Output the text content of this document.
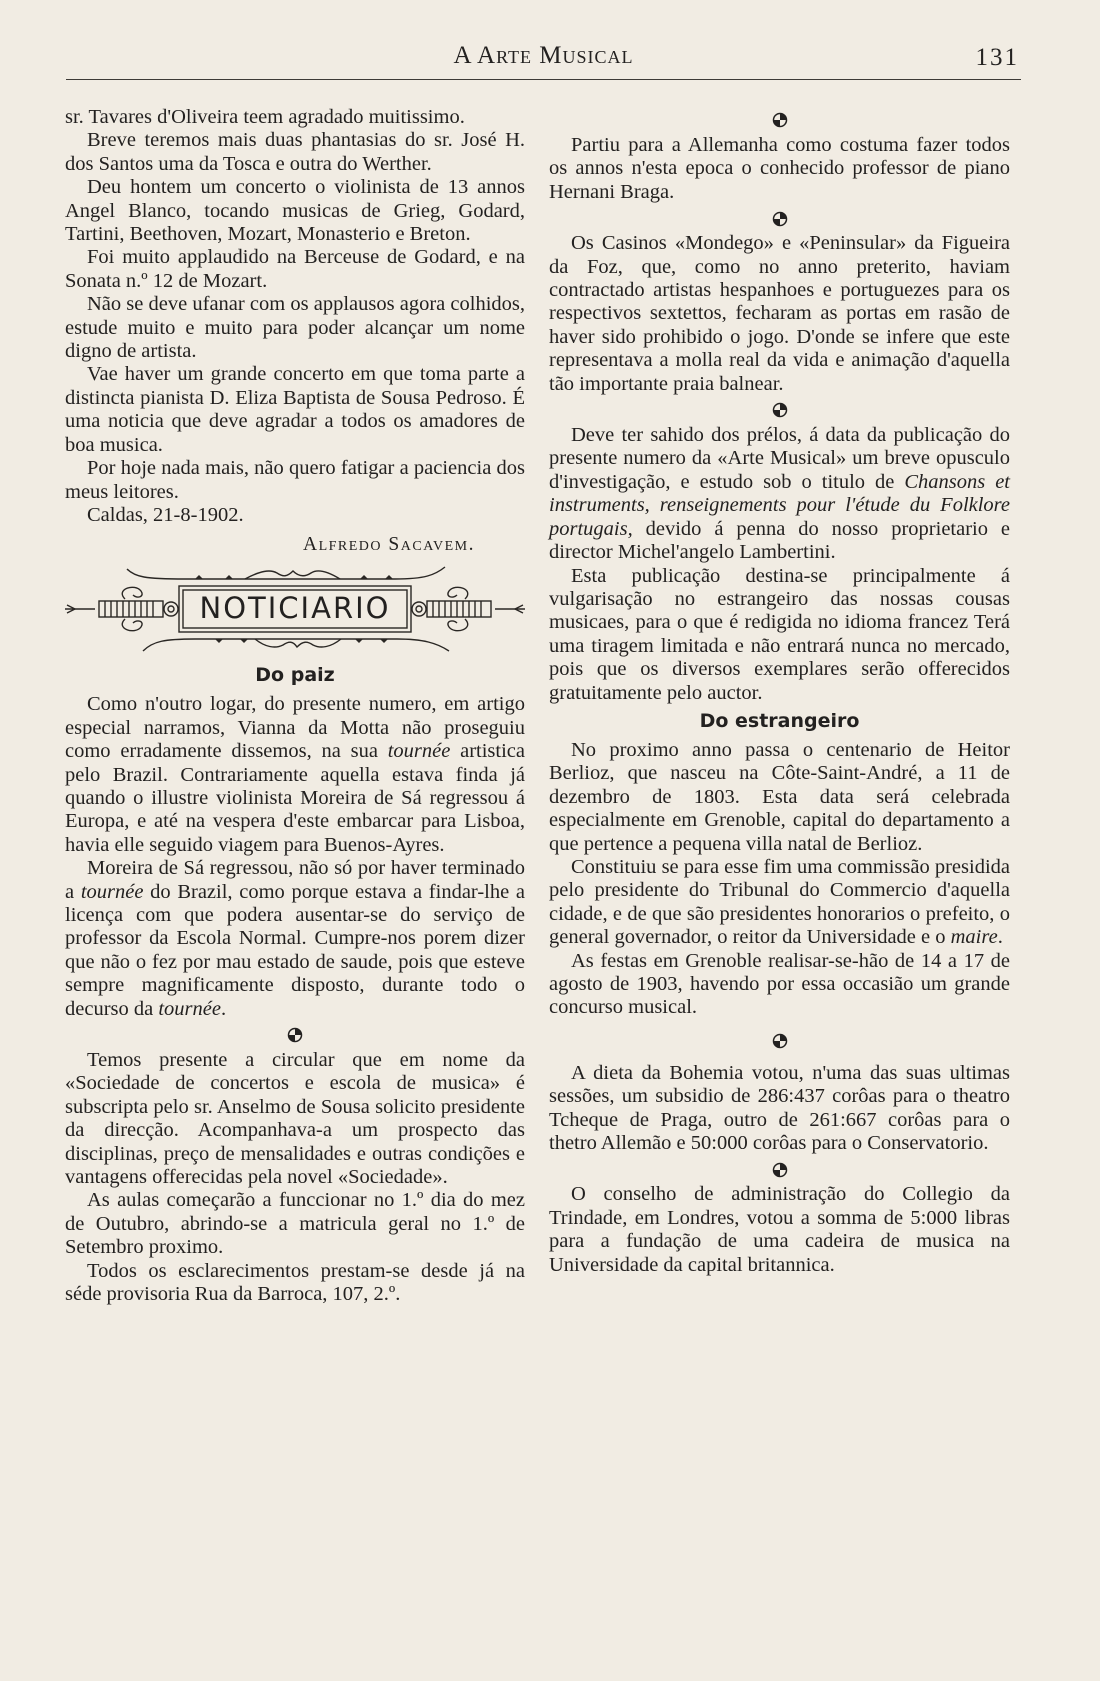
A Arte Musical	131

sr. Tavares d'Oliveira teem agradado muitissimo.

Breve teremos mais duas phantasias do sr. José H. dos Santos uma da Tosca e outra do Werther.

Deu hontem um concerto o violinista de 13 annos Angel Blanco, tocando musicas de Grieg, Godard, Tartini, Beethoven, Mozart, Monasterio e Breton.

Foi muito applaudido na Berceuse de Godard, e na Sonata n.º 12 de Mozart.

Não se deve ufanar com os applausos agora colhidos, estude muito e muito para poder alcançar um nome digno de artista.

Vae haver um grande concerto em que toma parte a distincta pianista D. Eliza Baptista de Sousa Pedroso. É uma noticia que deve agradar a todos os amadores de boa musica.

Por hoje nada mais, não quero fatigar a paciencia dos meus leitores.

Caldas, 21-8-1902.

Alfredo Sacavem.
NOTICIARIO
Do paiz

Como n'outro logar, do presente numero, em artigo especial narramos, Vianna da Motta não proseguiu como erradamente dissemos, na sua tournée artistica pelo Brazil. Contrariamente aquella estava finda já quando o illustre violinista Moreira de Sá regressou á Europa, e até na vespera d'este embarcar para Lisboa, havia elle seguido viagem para Buenos-Ayres.

Moreira de Sá regressou, não só por haver terminado a tournée do Brazil, como porque estava a findar-lhe a licença com que podera ausentar-se do serviço de professor da Escola Normal. Cumpre-nos porem dizer que não o fez por mau estado de saude, pois que esteve sempre magnificamente disposto, durante todo o decurso da tournée.

Temos presente a circular que em nome da «Sociedade de concertos e escola de musica» é subscripta pelo sr. Anselmo de Sousa solicito presidente da direcção. Acompanhava-a um prospecto das disciplinas, preço de mensalidades e outras condições e vantagens offerecidas pela novel «Sociedade».

As aulas começarão a funccionar no 1.º dia do mez de Outubro, abrindo-se a matricula geral no 1.º de Setembro proximo.

Todos os esclarecimentos prestam-se desde já na séde provisoria Rua da Barroca, 107, 2.º.

Partiu para a Allemanha como costuma fazer todos os annos n'esta epoca o conhecido professor de piano Hernani Braga.

Os Casinos «Mondego» e «Peninsular» da Figueira da Foz, que, como no anno preterito, haviam contractado artistas hespanhoes e portuguezes para os respectivos sextettos, fecharam as portas em rasão de haver sido prohibido o jogo. D'onde se infere que este representava a molla real da vida e animação d'aquella tão importante praia balnear.

Deve ter sahido dos prélos, á data da publicação do presente numero da «Arte Musical» um breve opusculo d'investigação, e estudo sob o titulo de Chansons et instruments, renseignements pour l'étude du Folklore portugais, devido á penna do nosso proprietario e director Michel'angelo Lambertini.

Esta publicação destina-se principalmente á vulgarisação no estrangeiro das nossas cousas musicaes, para o que é redigida no idioma francez Terá uma tiragem limitada e não entrará nunca no mercado, pois que os diversos exemplares serão offerecidos gratuitamente pelo auctor.

Do estrangeiro

No proximo anno passa o centenario de Heitor Berlioz, que nasceu na Côte-Saint-André, a 11 de dezembro de 1803. Esta data será celebrada especialmente em Grenoble, capital do departamento a que pertence a pequena villa natal de Berlioz.

Constituiu se para esse fim uma commissão presidida pelo presidente do Tribunal do Commercio d'aquella cidade, e de que são presidentes honorarios o prefeito, o general governador, o reitor da Universidade e o maire.

As festas em Grenoble realisar-se-hão de 14 a 17 de agosto de 1903, havendo por essa occasião um grande concurso musical.

A dieta da Bohemia votou, n'uma das suas ultimas sessões, um subsidio de 286:437 corôas para o theatro Tcheque de Praga, outro de 261:667 corôas para o thetro Allemão e 50:000 corôas para o Conservatorio.

O conselho de administração do Collegio da Trindade, em Londres, votou a somma de 5:000 libras para a fundação de uma cadeira de musica na Universidade da capital britannica.
